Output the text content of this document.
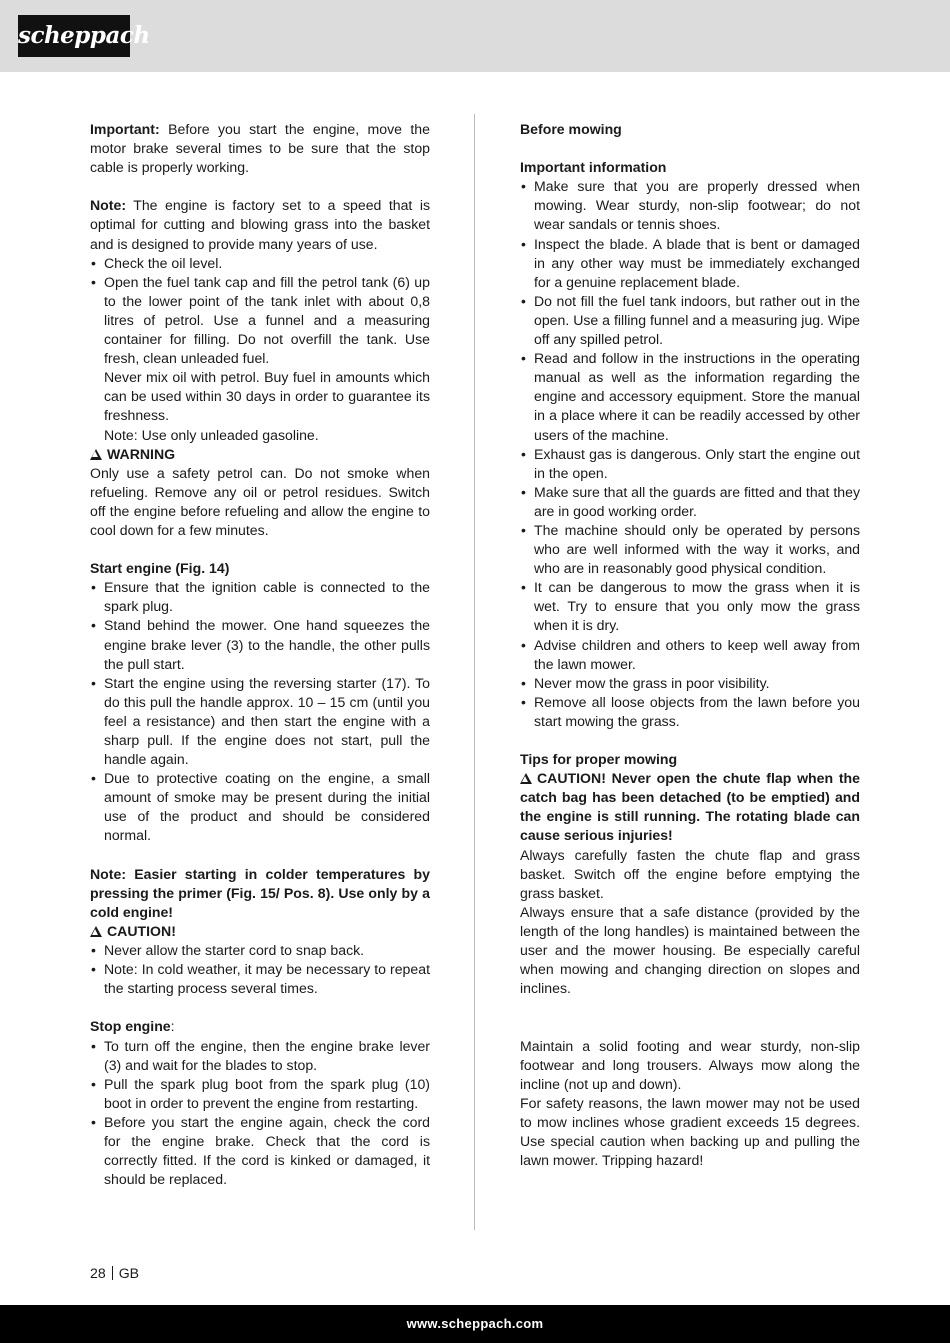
scheppach

Important: Before you start the engine, move the motor brake several times to be sure that the stop cable is properly working.

Note: The engine is factory set to a speed that is optimal for cutting and blowing grass into the basket and is designed to provide many years of use.

• Check the oil level.
• Open the fuel tank cap and fill the petrol tank (6) up to the lower point of the tank inlet with about 0,8 litres of petrol. Use a funnel and a measuring container for filling. Do not overfill the tank. Use fresh, clean unleaded fuel.
Never mix oil with petrol. Buy fuel in amounts which can be used within 30 days in order to guarantee its freshness.
Note: Use only unleaded gasoline.

WARNING

Only use a safety petrol can. Do not smoke when refueling. Remove any oil or petrol residues. Switch off the engine before refueling and allow the engine to cool down for a few minutes.

Start engine (Fig. 14)

• Ensure that the ignition cable is connected to the spark plug.
• Stand behind the mower. One hand squeezes the engine brake lever (3) to the handle, the other pulls the pull start.
• Start the engine using the reversing starter (17). To do this pull the handle approx. 10 – 15 cm (until you feel a resistance) and then start the engine with a sharp pull. If the engine does not start, pull the handle again.
• Due to protective coating on the engine, a small amount of smoke may be present during the initial use of the product and should be considered normal.

Note: Easier starting in colder temperatures by pressing the primer (Fig. 15/ Pos. 8). Use only by a cold engine!

CAUTION!

• Never allow the starter cord to snap back.
• Note: In cold weather, it may be necessary to repeat the starting process several times.

Stop engine:

• To turn off the engine, then the engine brake lever (3) and wait for the blades to stop.
• Pull the spark plug boot from the spark plug (10) boot in order to prevent the engine from restarting.
• Before you start the engine again, check the cord for the engine brake. Check that the cord is correctly fitted. If the cord is kinked or damaged, it should be replaced.

Before mowing

Important information

• Make sure that you are properly dressed when mowing. Wear sturdy, non-slip footwear; do not wear sandals or tennis shoes.
• Inspect the blade. A blade that is bent or damaged in any other way must be immediately exchanged for a genuine replacement blade.
• Do not fill the fuel tank indoors, but rather out in the open. Use a filling funnel and a measuring jug. Wipe off any spilled petrol.
• Read and follow in the instructions in the operating manual as well as the information regarding the engine and accessory equipment. Store the manual in a place where it can be readily accessed by other users of the machine.
• Exhaust gas is dangerous. Only start the engine out in the open.
• Make sure that all the guards are fitted and that they are in good working order.
• The machine should only be operated by persons who are well informed with the way it works, and who are in reasonably good physical condition.
• It can be dangerous to mow the grass when it is wet. Try to ensure that you only mow the grass when it is dry.
• Advise children and others to keep well away from the lawn mower.
• Never mow the grass in poor visibility.
• Remove all loose objects from the lawn before you start mowing the grass.

Tips for proper mowing

CAUTION! Never open the chute flap when the catch bag has been detached (to be emptied) and the engine is still running. The rotating blade can cause serious injuries!

Always carefully fasten the chute flap and grass basket. Switch off the engine before emptying the grass basket.

Always ensure that a safe distance (provided by the length of the long handles) is maintained between the user and the mower housing. Be especially careful when mowing and changing direction on slopes and inclines.

Maintain a solid footing and wear sturdy, non-slip footwear and long trousers. Always mow along the incline (not up and down).

For safety reasons, the lawn mower may not be used to mow inclines whose gradient exceeds 15 degrees. Use special caution when backing up and pulling the lawn mower. Tripping hazard!

28 GB
www.scheppach.com
